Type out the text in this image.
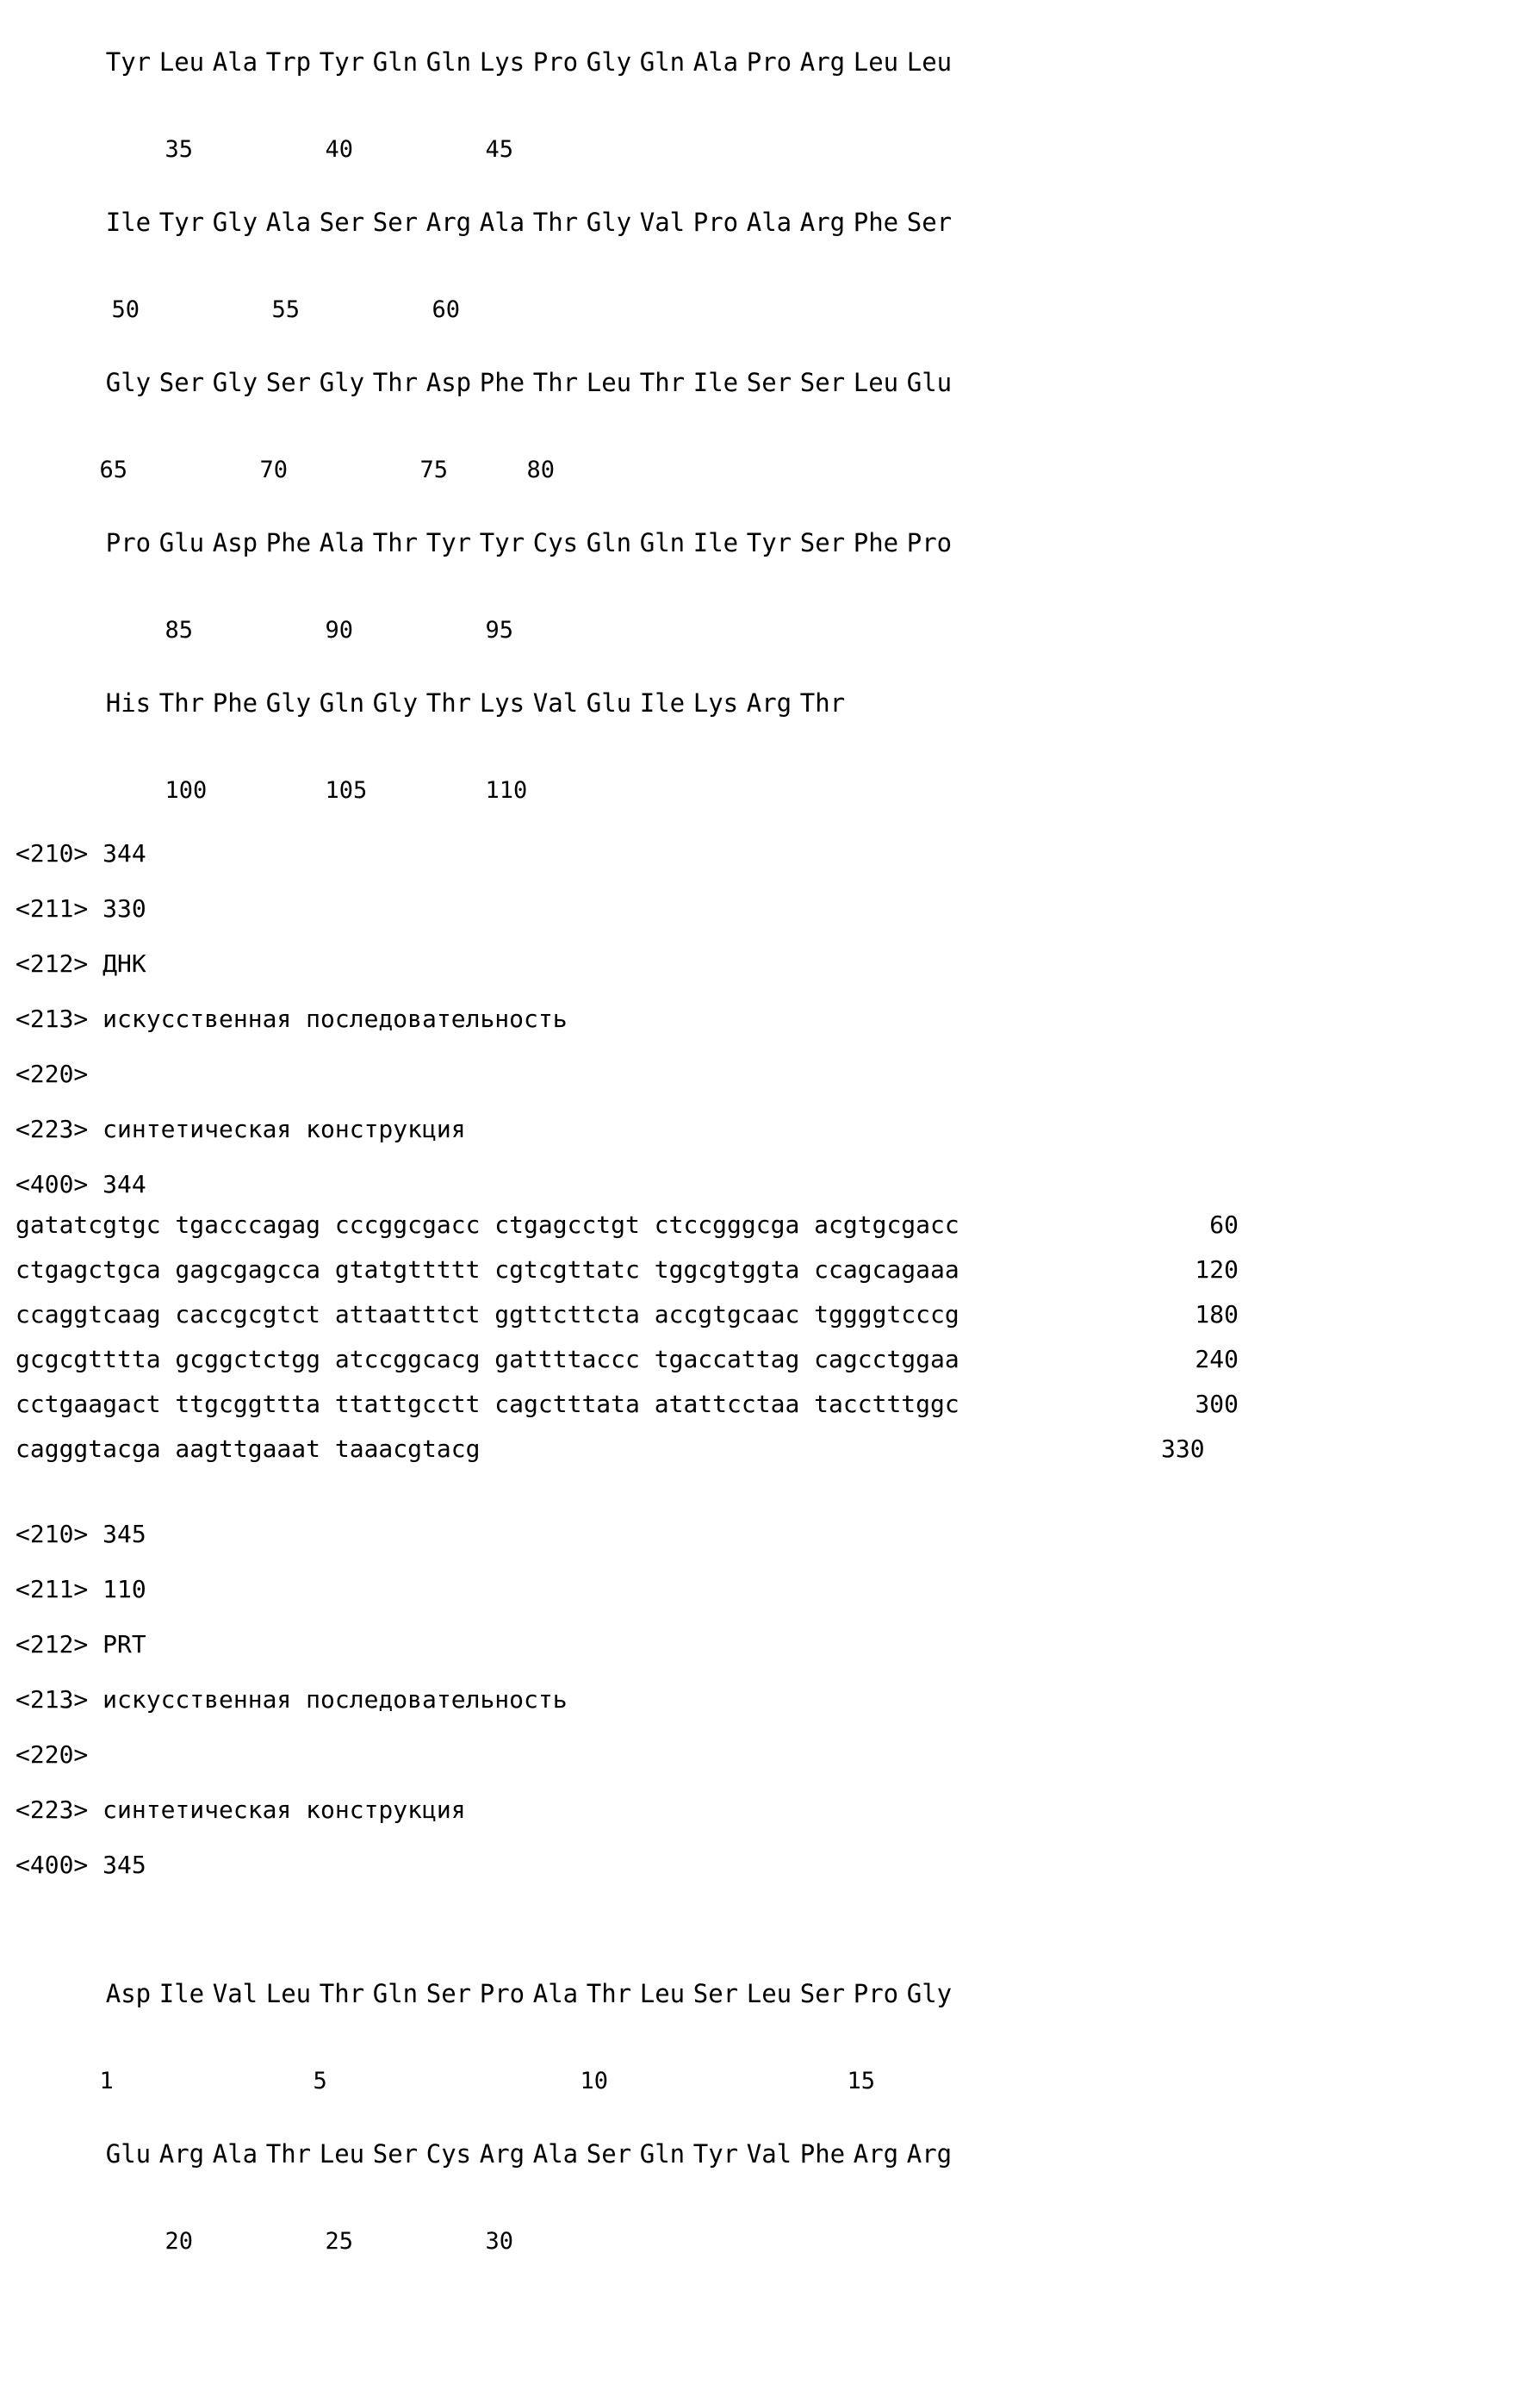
Tyr Leu Ala Trp Tyr Gln Gln Lys Pro Gly Gln Ala Pro Arg Leu Leu

35	40	45

Ile Tyr Gly Ala Ser Ser Arg Ala Thr Gly Val Pro Ala Arg Phe Ser

50	55	60

Gly Ser Gly Ser Gly Thr Asp Phe Thr Leu Thr Ile Ser Ser Leu Glu

65	70	75	80

Pro Glu Asp Phe Ala Thr Tyr Tyr Cys Gln Gln Ile Tyr Ser Phe Pro

85	90	95

His Thr Phe Gly Gln Gly Thr Lys Val Glu Ile Lys Arg Thr

100	105	110

<210> 344
<211> 330
<212> ДНК
<213> искусственная последовательность
<220>
<223> синтетическая конструкция
<400> 344
gatatcgtgc tgacccagag cccggcgacc ctgagcctgt ctccgggcga acgtgcgacc	60
ctgagctgca gagcgagcca gtatgttttt cgtcgttatc tggcgtggta ccagcagaaa	120
ccaggtcaag caccgcgtct attaatttct ggttcttcta accgtgcaac tggggtcccg	180
gcgcgtttta gcggctctgg atccggcacg gattttaccc tgaccattag cagcctggaa	240
cctgaagact ttgcggttta ttattgcctt cagctttata atattcctaa tacctttggc	300
cagggtacga aagttgaaat taaacgtacg	330
<210> 345
<211> 110
<212> PRT
<213> искусственная последовательность
<220>
<223> синтетическая конструкция
<400> 345

Asp Ile Val Leu Thr Gln Ser Pro Ala Thr Leu Ser Leu Ser Pro Gly

1	5	10	15

Glu Arg Ala Thr Leu Ser Cys Arg Ala Ser Gln Tyr Val Phe Arg Arg

20	25	30
